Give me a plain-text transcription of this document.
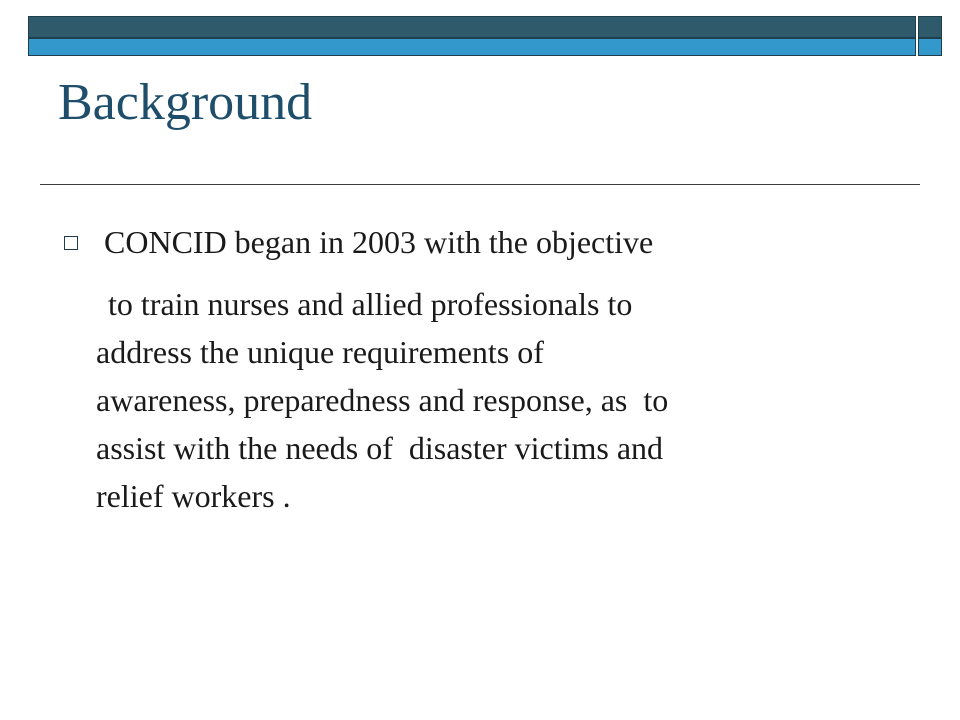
Background

CONCID began in 2003 with the objective

to train nurses and allied professionals to
address the unique requirements of
awareness, preparedness and response, as  to
assist with the needs of  disaster victims and
relief workers .
